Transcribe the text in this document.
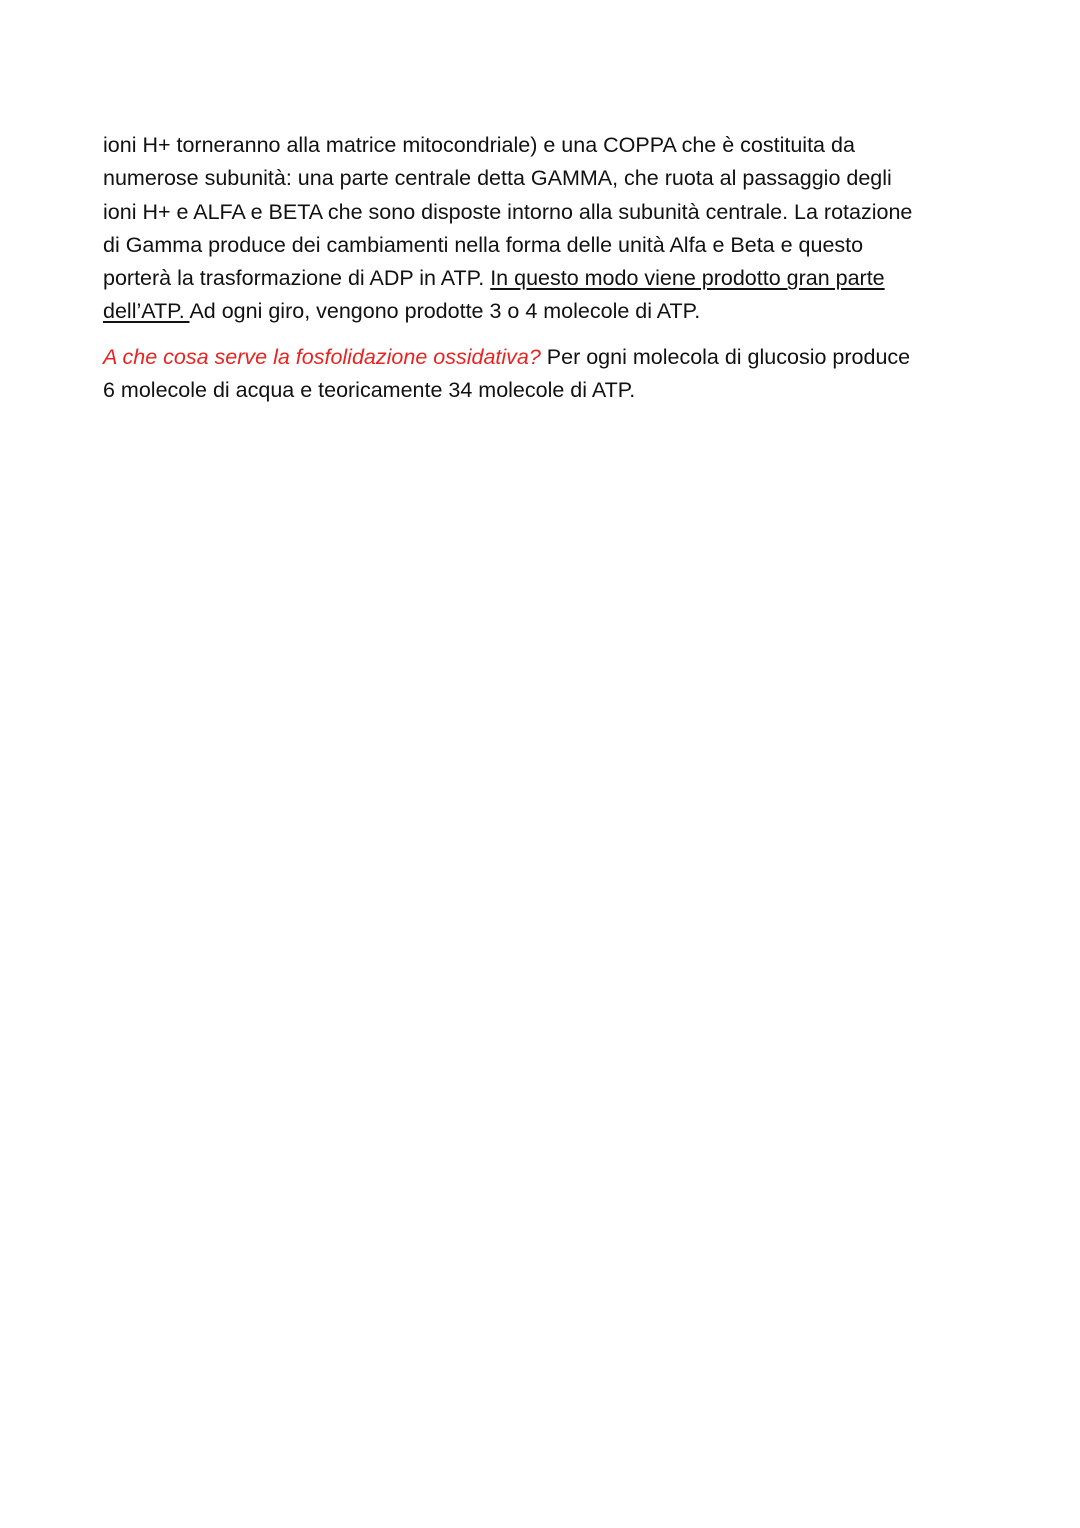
ioni H+ torneranno alla matrice mitocondriale) e una COPPA che è costituita da
numerose subunità: una parte centrale detta GAMMA, che ruota al passaggio degli
ioni H+ e ALFA e BETA che sono disposte intorno alla subunità centrale. La rotazione
di Gamma produce dei cambiamenti nella forma delle unità Alfa e Beta e questo
porterà la trasformazione di ADP in ATP. In questo modo viene prodotto gran parte
dell’ATP. Ad ogni giro, vengono prodotte 3 o 4 molecole di ATP.

A che cosa serve la fosfolidazione ossidativa? Per ogni molecola di glucosio produce
6 molecole di acqua e teoricamente 34 molecole di ATP.
